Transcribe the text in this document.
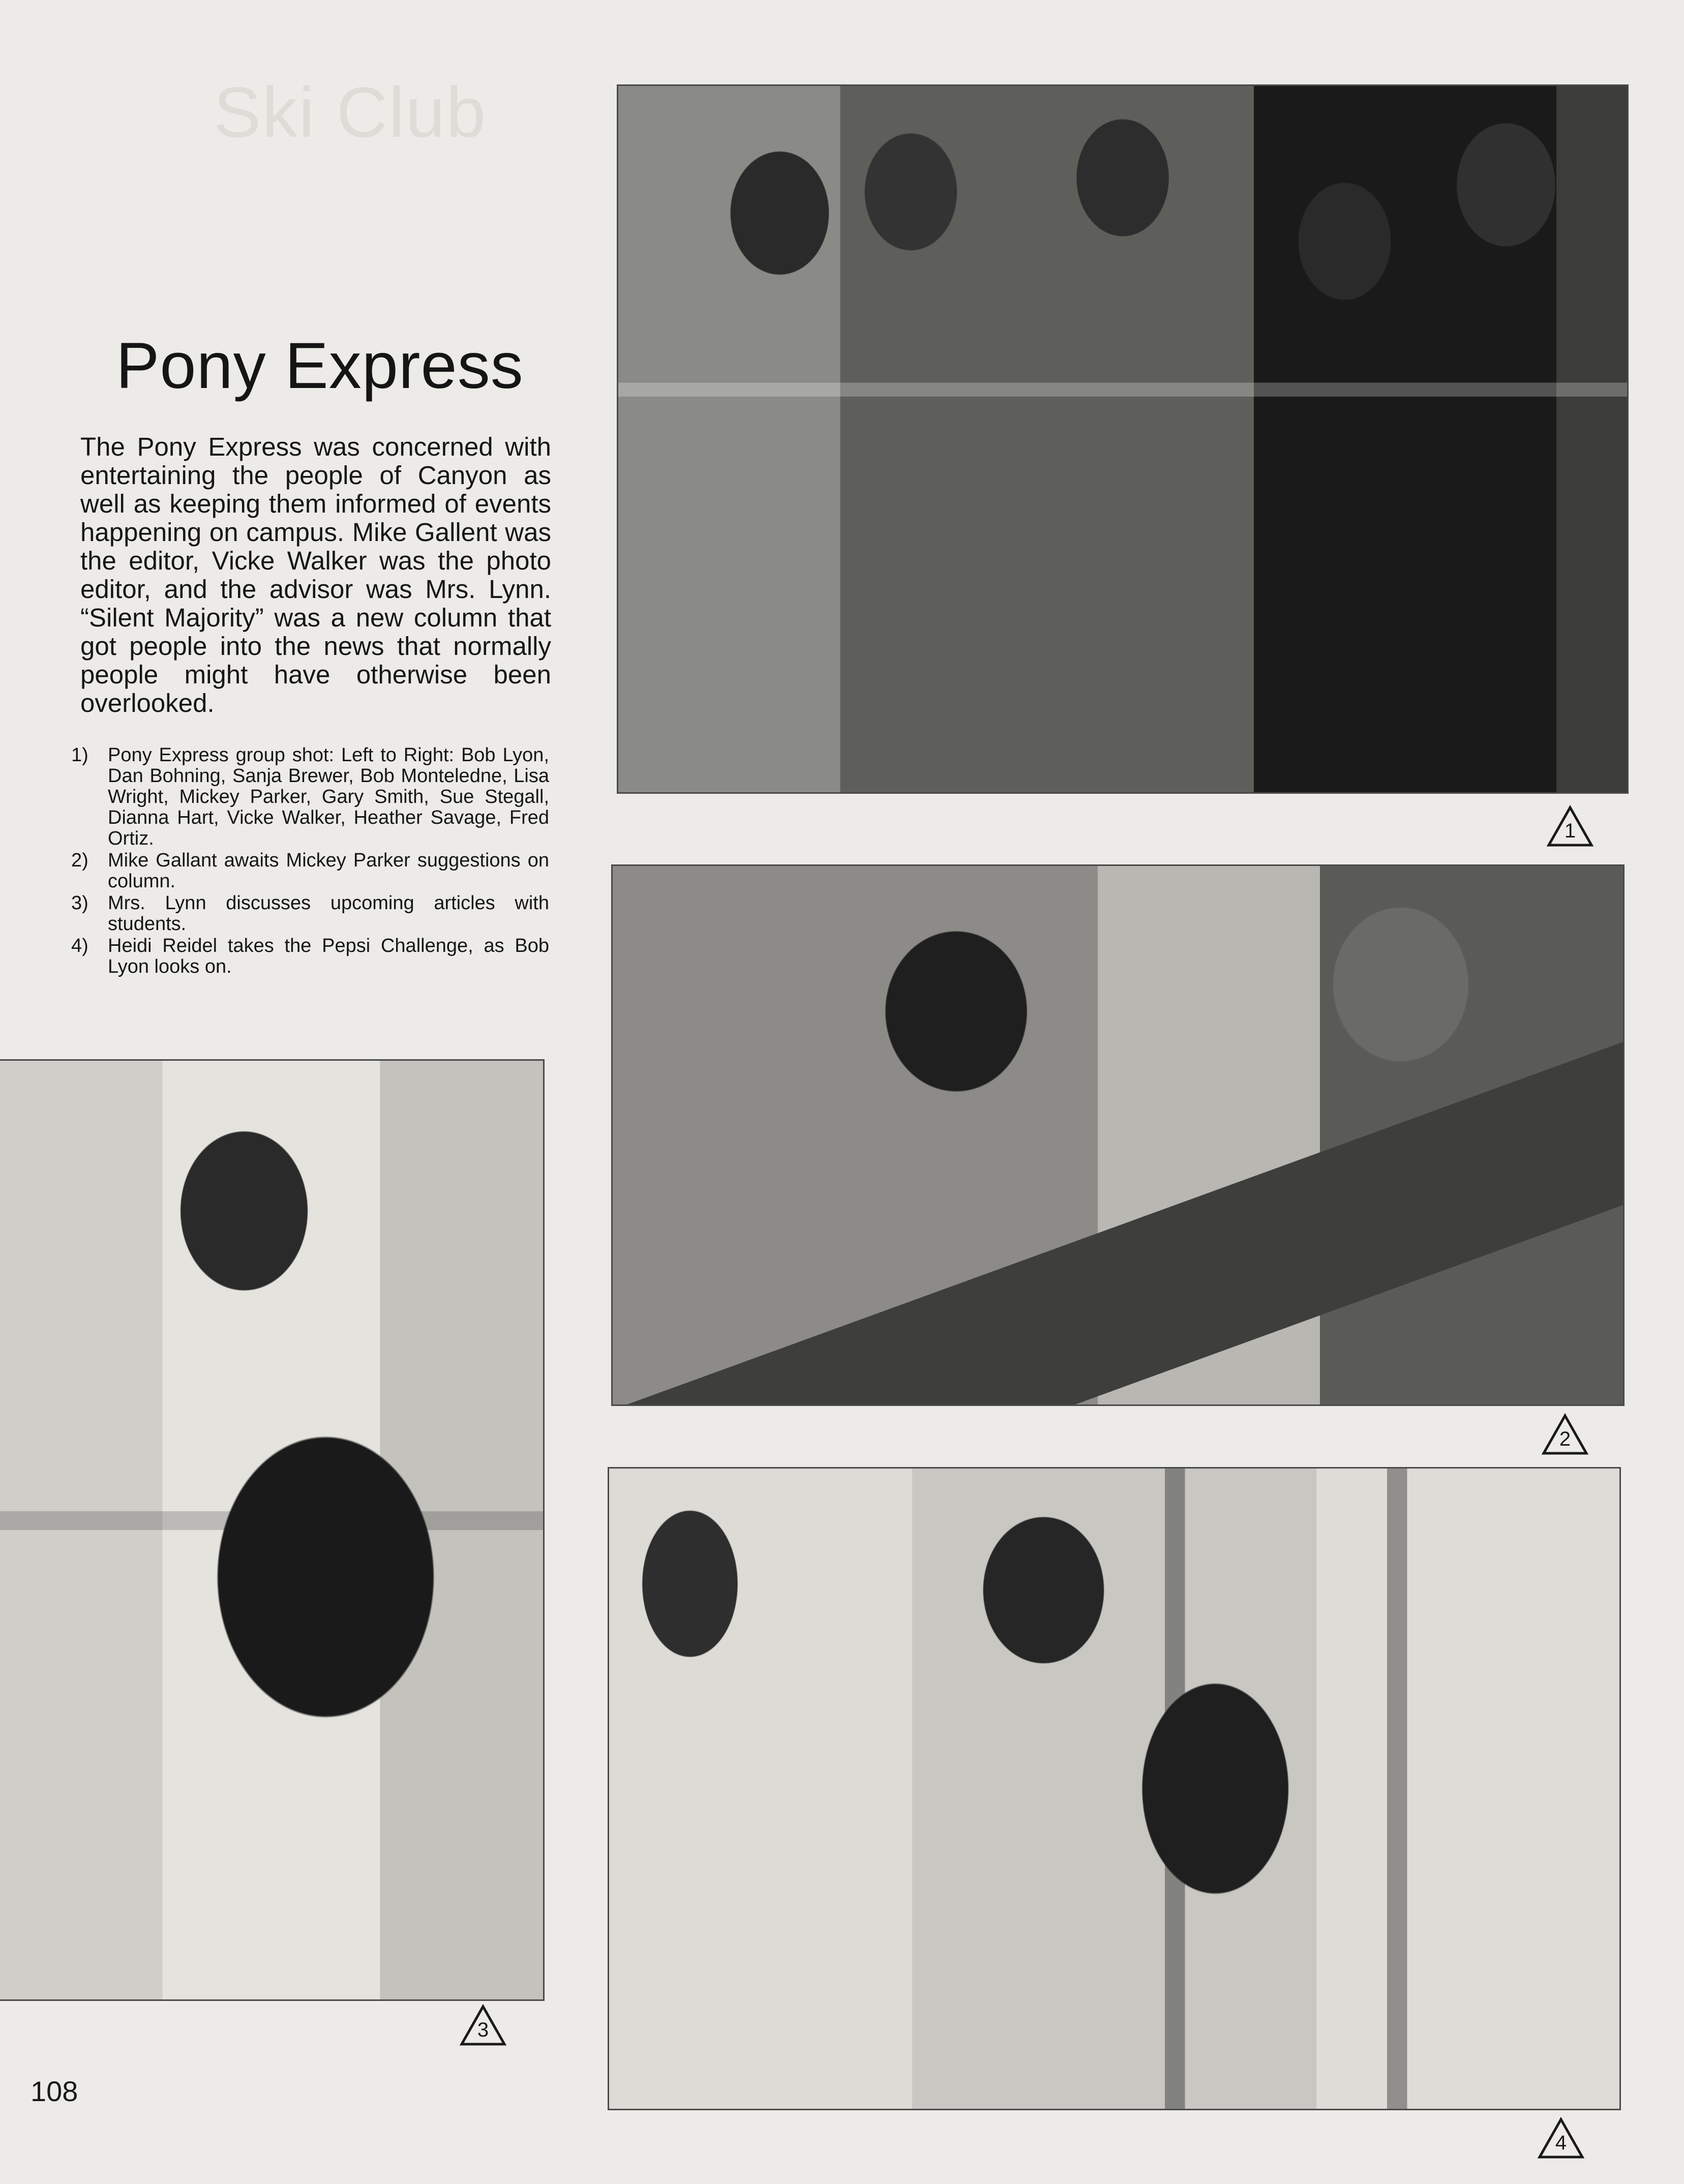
Ski Club
Pony Express

The Pony Express was concerned with entertaining the people of Canyon as well as keeping them informed of events happening on campus. Mike Gallent was the editor, Vicke Walker was the photo editor, and the advisor was Mrs. Lynn. “Silent Majority” was a new column that got people into the news that normally people might have otherwise been overlooked.

1)	Pony Express group shot: Left to Right: Bob Lyon, Dan Bohning, Sanja Brewer, Bob Monteledne, Lisa Wright, Mickey Parker, Gary Smith, Sue Stegall, Dianna Hart, Vicke Walker, Heather Savage, Fred Ortiz.
2)	Mike Gallant awaits Mickey Parker suggestions on column.
3)	Mrs. Lynn discusses upcoming articles with students.
4)	Heidi Reidel takes the Pepsi Challenge, as Bob Lyon looks on.
1
2
3
4
108
